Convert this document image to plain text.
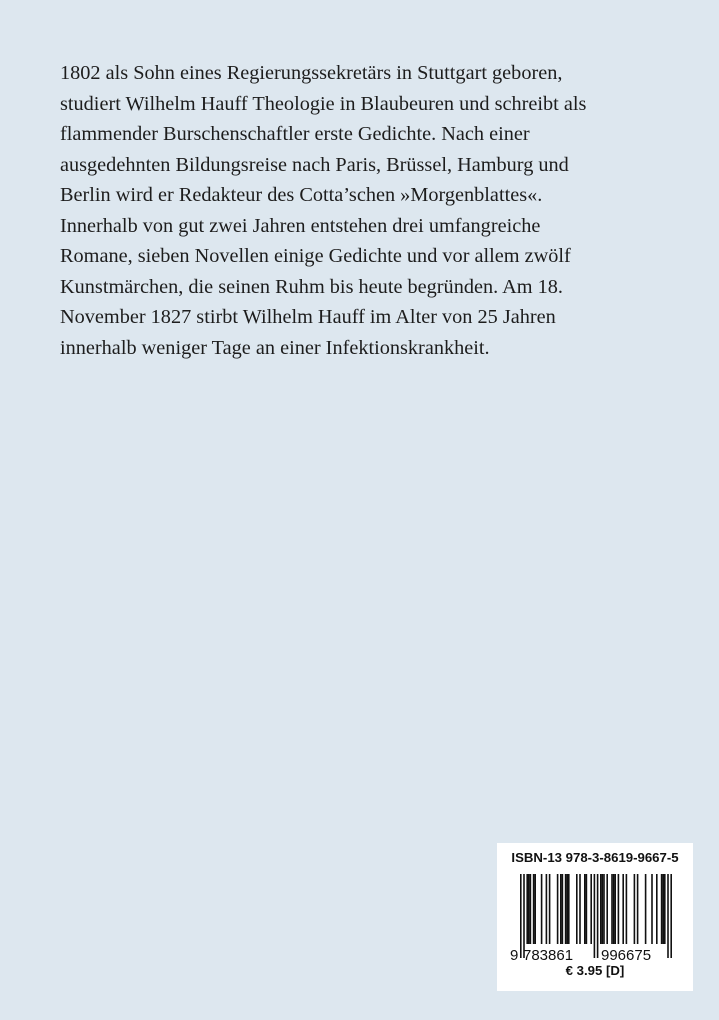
1802 als Sohn eines Regierungssekretärs in Stuttgart geboren,
studiert Wilhelm Hauff Theologie in Blaubeuren und schreibt als
flammender Burschenschaftler erste Gedichte. Nach einer
ausgedehnten Bildungsreise nach Paris, Brüssel, Hamburg und
Berlin wird er Redakteur des Cotta’schen »Morgenblattes«.
Innerhalb von gut zwei Jahren entstehen drei umfangreiche
Romane, sieben Novellen einige Gedichte und vor allem zwölf
Kunstmärchen, die seinen Ruhm bis heute begründen. Am 18.
November 1827 stirbt Wilhelm Hauff im Alter von 25 Jahren
innerhalb weniger Tage an einer Infektionskrankheit.

ISBN-13 978-3-8619-9667-5
9 783861 996675
€ 3.95 [D]
